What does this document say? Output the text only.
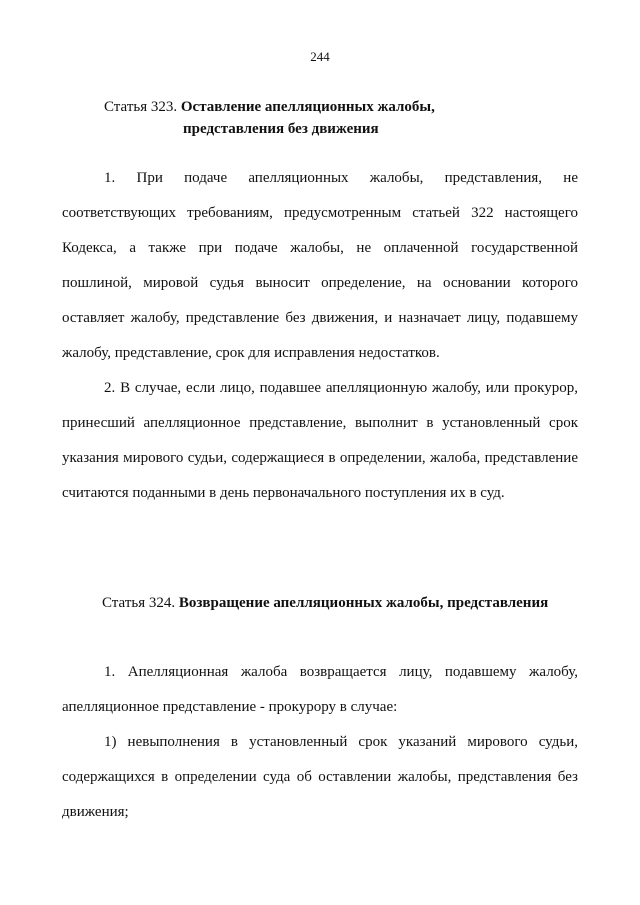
244
Статья 323. Оставление апелляционных жалобы,
представления без движения

1. При подаче апелляционных жалобы, представления, не соответствующих требованиям, предусмотренным статьей 322 настоящего Кодекса, а также при подаче жалобы, не оплаченной государственной пошлиной, мировой судья выносит определение, на основании которого оставляет жалобу, представление без движения, и назначает лицу, подавшему жалобу, представление, срок для исправления недостатков.

2. В случае, если лицо, подавшее апелляционную жалобу, или прокурор, принесший апелляционное представление, выполнит в установленный срок указания мирового судьи, содержащиеся в определении, жалоба, представление считаются поданными в день первоначального поступления их в суд.

Статья 324. Возвращение апелляционных жалобы, представления

1. Апелляционная жалоба возвращается лицу, подавшему жалобу, апелляционное представление - прокурору в случае:

1) невыполнения в установленный срок указаний мирового судьи, содержащихся в определении суда об оставлении жалобы, представления без движения;
